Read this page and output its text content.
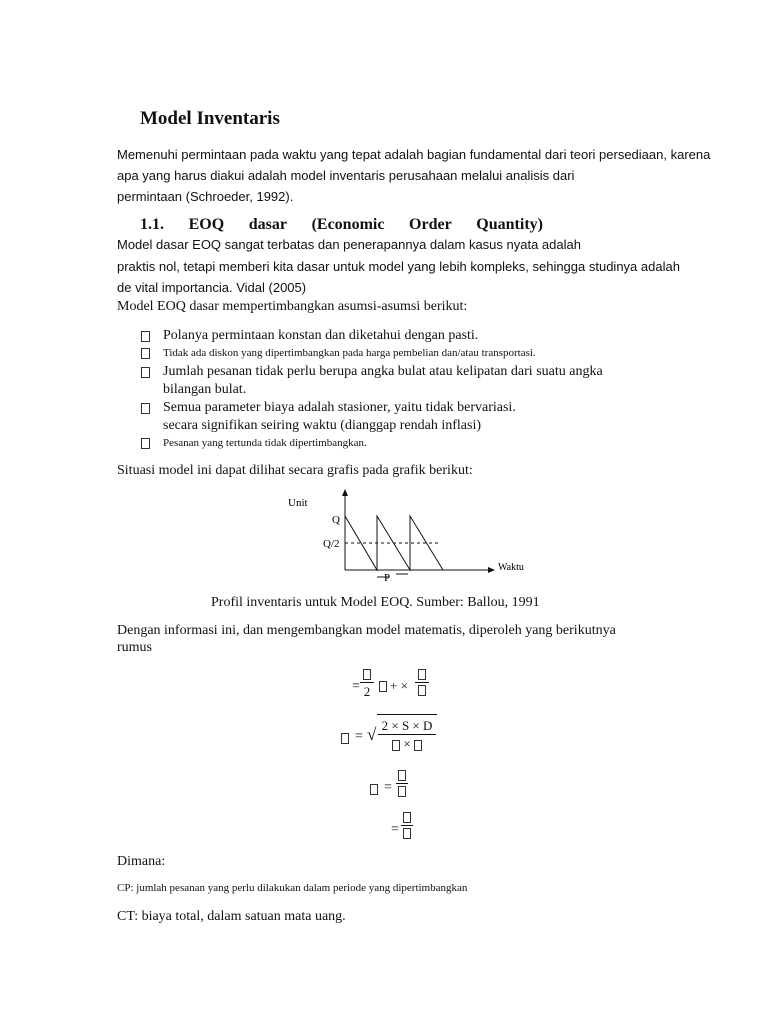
Model Inventaris
Memenuhi permintaan pada waktu yang tepat adalah bagian fundamental dari teori persediaan, karena
apa yang harus diakui adalah model inventaris perusahaan melalui analisis dari
permintaan (Schroeder, 1992).
1.1. EOQ dasar (Economic Order Quantity)
Model dasar EOQ sangat terbatas dan penerapannya dalam kasus nyata adalah
praktis nol, tetapi memberi kita dasar untuk model yang lebih kompleks, sehingga studinya adalah
de vital importancia. Vidal (2005)
Model EOQ dasar mempertimbangkan asumsi-asumsi berikut:
Polanya permintaan konstan dan diketahui dengan pasti.
Tidak ada diskon yang dipertimbangkan pada harga pembelian dan/atau transportasi.
Jumlah pesanan tidak perlu berupa angka bulat atau kelipatan dari suatu angka
bilangan bulat.
Semua parameter biaya adalah stasioner, yaitu tidak bervariasi.
secara signifikan seiring waktu (dianggap rendah inflasi)
Pesanan yang tertunda tidak dipertimbangkan.
Situasi model ini dapat dilihat secara grafis pada grafik berikut:
Unit
Q
Q/2
Waktu
P
Profil inventaris untuk Model EOQ. Sumber: Ballou, 1991
Dengan informasi ini, dan mengembangkan model matematis, diperoleh yang berikutnya
rumus
= 2 + ×
= √ 2 × S × D
×
=
=
Dimana:
CP: jumlah pesanan yang perlu dilakukan dalam periode yang dipertimbangkan
CT: biaya total, dalam satuan mata uang.
